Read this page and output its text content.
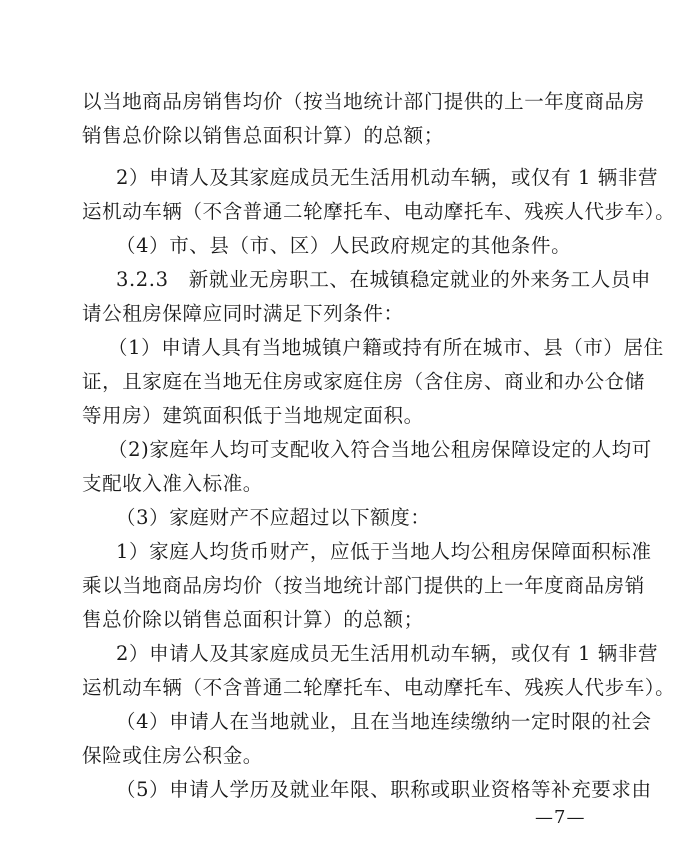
以当地商品房销售均价（按当地统计部门提供的上一年度商品房
销售总价除以销售总面积计算）的总额；
2）申请人及其家庭成员无生活用机动车辆，或仅有 1 辆非营
运机动车辆（不含普通二轮摩托车、电动摩托车、残疾人代步车）。
（4）市、县（市、区）人民政府规定的其他条件。
3.2.3　新就业无房职工、在城镇稳定就业的外来务工人员申
请公租房保障应同时满足下列条件：
（1）申请人具有当地城镇户籍或持有所在城市、县（市）居住
证，且家庭在当地无住房或家庭住房（含住房、商业和办公仓储
等用房）建筑面积低于当地规定面积。
（2)家庭年人均可支配收入符合当地公租房保障设定的人均可
支配收入准入标准。
（3）家庭财产不应超过以下额度：
1）家庭人均货币财产，应低于当地人均公租房保障面积标准
乘以当地商品房均价（按当地统计部门提供的上一年度商品房销
售总价除以销售总面积计算）的总额；
2）申请人及其家庭成员无生活用机动车辆，或仅有 1 辆非营
运机动车辆（不含普通二轮摩托车、电动摩托车、残疾人代步车）。
（4）申请人在当地就业，且在当地连续缴纳一定时限的社会
保险或住房公积金。
（5）申请人学历及就业年限、职称或职业资格等补充要求由
—7—
